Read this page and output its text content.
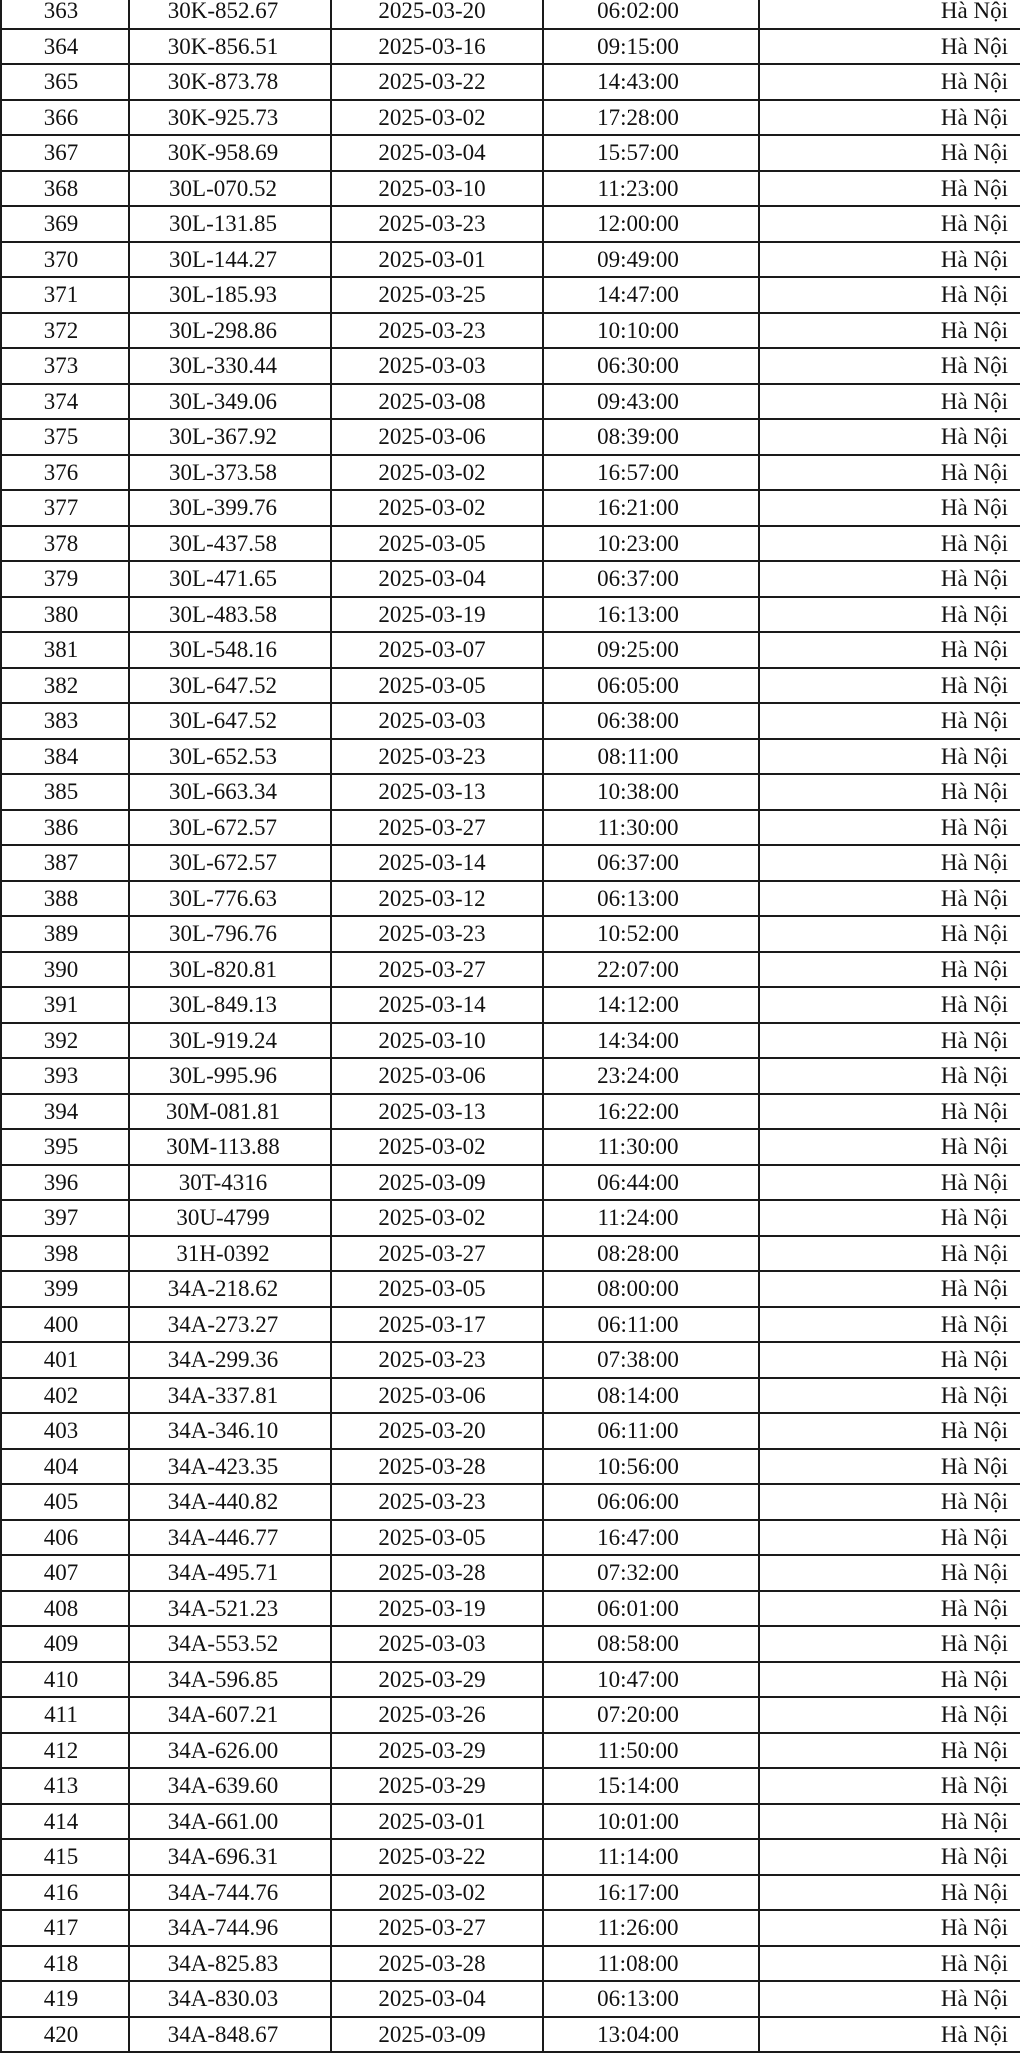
363	30K-852.67	2025-03-20	06:02:00	Hà Nội
364	30K-856.51	2025-03-16	09:15:00	Hà Nội
365	30K-873.78	2025-03-22	14:43:00	Hà Nội
366	30K-925.73	2025-03-02	17:28:00	Hà Nội
367	30K-958.69	2025-03-04	15:57:00	Hà Nội
368	30L-070.52	2025-03-10	11:23:00	Hà Nội
369	30L-131.85	2025-03-23	12:00:00	Hà Nội
370	30L-144.27	2025-03-01	09:49:00	Hà Nội
371	30L-185.93	2025-03-25	14:47:00	Hà Nội
372	30L-298.86	2025-03-23	10:10:00	Hà Nội
373	30L-330.44	2025-03-03	06:30:00	Hà Nội
374	30L-349.06	2025-03-08	09:43:00	Hà Nội
375	30L-367.92	2025-03-06	08:39:00	Hà Nội
376	30L-373.58	2025-03-02	16:57:00	Hà Nội
377	30L-399.76	2025-03-02	16:21:00	Hà Nội
378	30L-437.58	2025-03-05	10:23:00	Hà Nội
379	30L-471.65	2025-03-04	06:37:00	Hà Nội
380	30L-483.58	2025-03-19	16:13:00	Hà Nội
381	30L-548.16	2025-03-07	09:25:00	Hà Nội
382	30L-647.52	2025-03-05	06:05:00	Hà Nội
383	30L-647.52	2025-03-03	06:38:00	Hà Nội
384	30L-652.53	2025-03-23	08:11:00	Hà Nội
385	30L-663.34	2025-03-13	10:38:00	Hà Nội
386	30L-672.57	2025-03-27	11:30:00	Hà Nội
387	30L-672.57	2025-03-14	06:37:00	Hà Nội
388	30L-776.63	2025-03-12	06:13:00	Hà Nội
389	30L-796.76	2025-03-23	10:52:00	Hà Nội
390	30L-820.81	2025-03-27	22:07:00	Hà Nội
391	30L-849.13	2025-03-14	14:12:00	Hà Nội
392	30L-919.24	2025-03-10	14:34:00	Hà Nội
393	30L-995.96	2025-03-06	23:24:00	Hà Nội
394	30M-081.81	2025-03-13	16:22:00	Hà Nội
395	30M-113.88	2025-03-02	11:30:00	Hà Nội
396	30T-4316	2025-03-09	06:44:00	Hà Nội
397	30U-4799	2025-03-02	11:24:00	Hà Nội
398	31H-0392	2025-03-27	08:28:00	Hà Nội
399	34A-218.62	2025-03-05	08:00:00	Hà Nội
400	34A-273.27	2025-03-17	06:11:00	Hà Nội
401	34A-299.36	2025-03-23	07:38:00	Hà Nội
402	34A-337.81	2025-03-06	08:14:00	Hà Nội
403	34A-346.10	2025-03-20	06:11:00	Hà Nội
404	34A-423.35	2025-03-28	10:56:00	Hà Nội
405	34A-440.82	2025-03-23	06:06:00	Hà Nội
406	34A-446.77	2025-03-05	16:47:00	Hà Nội
407	34A-495.71	2025-03-28	07:32:00	Hà Nội
408	34A-521.23	2025-03-19	06:01:00	Hà Nội
409	34A-553.52	2025-03-03	08:58:00	Hà Nội
410	34A-596.85	2025-03-29	10:47:00	Hà Nội
411	34A-607.21	2025-03-26	07:20:00	Hà Nội
412	34A-626.00	2025-03-29	11:50:00	Hà Nội
413	34A-639.60	2025-03-29	15:14:00	Hà Nội
414	34A-661.00	2025-03-01	10:01:00	Hà Nội
415	34A-696.31	2025-03-22	11:14:00	Hà Nội
416	34A-744.76	2025-03-02	16:17:00	Hà Nội
417	34A-744.96	2025-03-27	11:26:00	Hà Nội
418	34A-825.83	2025-03-28	11:08:00	Hà Nội
419	34A-830.03	2025-03-04	06:13:00	Hà Nội
420	34A-848.67	2025-03-09	13:04:00	Hà Nội
